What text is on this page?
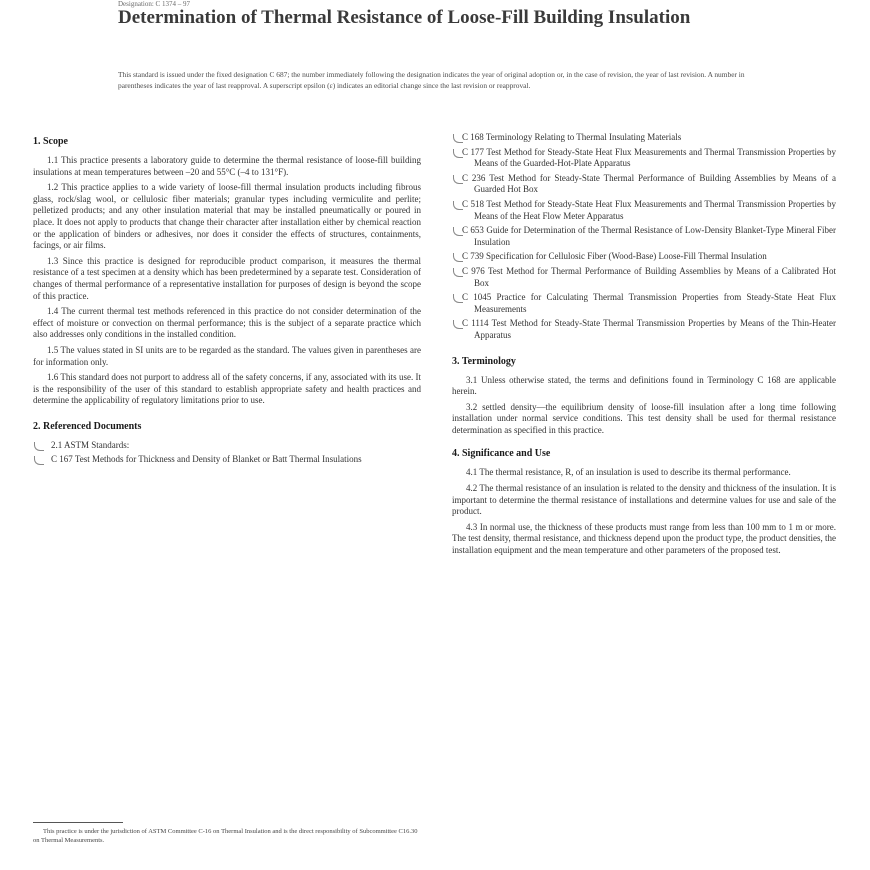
Designation: C 1374 – 97
Determination of Thermal Resistance of Loose-Fill Building Insulation

This standard is issued under the fixed designation C 687; the number immediately following the designation indicates the year of original adoption or, in the case of revision, the year of last revision. A number in parentheses indicates the year of last reapproval. A superscript epsilon (ε) indicates an editorial change since the last revision or reapproval.

1. Scope

1.1 This practice presents a laboratory guide to determine the thermal resistance of loose-fill building insulations at mean temperatures between –20 and 55°C (–4 to 131°F).

1.2 This practice applies to a wide variety of loose-fill thermal insulation products including fibrous glass, rock/slag wool, or cellulosic fiber materials; granular types including vermiculite and perlite; pelletized products; and any other insulation material that may be installed pneumatically or poured in place. It does not apply to products that change their character after installation either by chemical reaction or the application of binders or adhesives, nor does it consider the effects of structures, containments, facings, or air films.

1.3 Since this practice is designed for reproducible product comparison, it measures the thermal resistance of a test specimen at a density which has been predetermined by a separate test. Consideration of changes of thermal performance of a representative installation for purposes of design is beyond the scope of this practice.

1.4 The current thermal test methods referenced in this practice do not consider determination of the effect of moisture or convection on thermal performance; this is the subject of a separate practice which also addresses only conditions in the installed condition.

1.5 The values stated in SI units are to be regarded as the standard. The values given in parentheses are for information only.

1.6 This standard does not purport to address all of the safety concerns, if any, associated with its use. It is the responsibility of the user of this standard to establish appropriate safety and health practices and determine the applicability of regulatory limitations prior to use.

2. Referenced Documents

2.1 ASTM Standards:

C 167 Test Methods for Thickness and Density of Blanket or Batt Thermal Insulations

This practice is under the jurisdiction of ASTM Committee C-16 on Thermal Insulation and is the direct responsibility of Subcommittee C16.30 on Thermal Measurements.

C 168 Terminology Relating to Thermal Insulating Materials

C 177 Test Method for Steady-State Heat Flux Measurements and Thermal Transmission Properties by Means of the Guarded-Hot-Plate Apparatus

C 236 Test Method for Steady-State Thermal Performance of Building Assemblies by Means of a Guarded Hot Box

C 518 Test Method for Steady-State Heat Flux Measurements and Thermal Transmission Properties by Means of the Heat Flow Meter Apparatus

C 653 Guide for Determination of the Thermal Resistance of Low-Density Blanket-Type Mineral Fiber Insulation

C 739 Specification for Cellulosic Fiber (Wood-Base) Loose-Fill Thermal Insulation

C 976 Test Method for Thermal Performance of Building Assemblies by Means of a Calibrated Hot Box

C 1045 Practice for Calculating Thermal Transmission Properties from Steady-State Heat Flux Measurements

C 1114 Test Method for Steady-State Thermal Transmission Properties by Means of the Thin-Heater Apparatus

3. Terminology

3.1 Unless otherwise stated, the terms and definitions found in Terminology C 168 are applicable herein.

3.2 settled density—the equilibrium density of loose-fill insulation after a long time following installation under normal service conditions. This test density shall be used for thermal resistance determination as specified in this practice.

4. Significance and Use

4.1 The thermal resistance, R, of an insulation is used to describe its thermal performance.

4.2 The thermal resistance of an insulation is related to the density and thickness of the insulation. It is important to determine the thermal resistance of installations and determine values for use and sale of the product.

4.3 In normal use, the thickness of these products must range from less than 100 mm to 1 m or more. The test density, thermal resistance, and thickness depend upon the product type, the product densities, the installation equipment and the mean temperature and other parameters of the proposed test.
